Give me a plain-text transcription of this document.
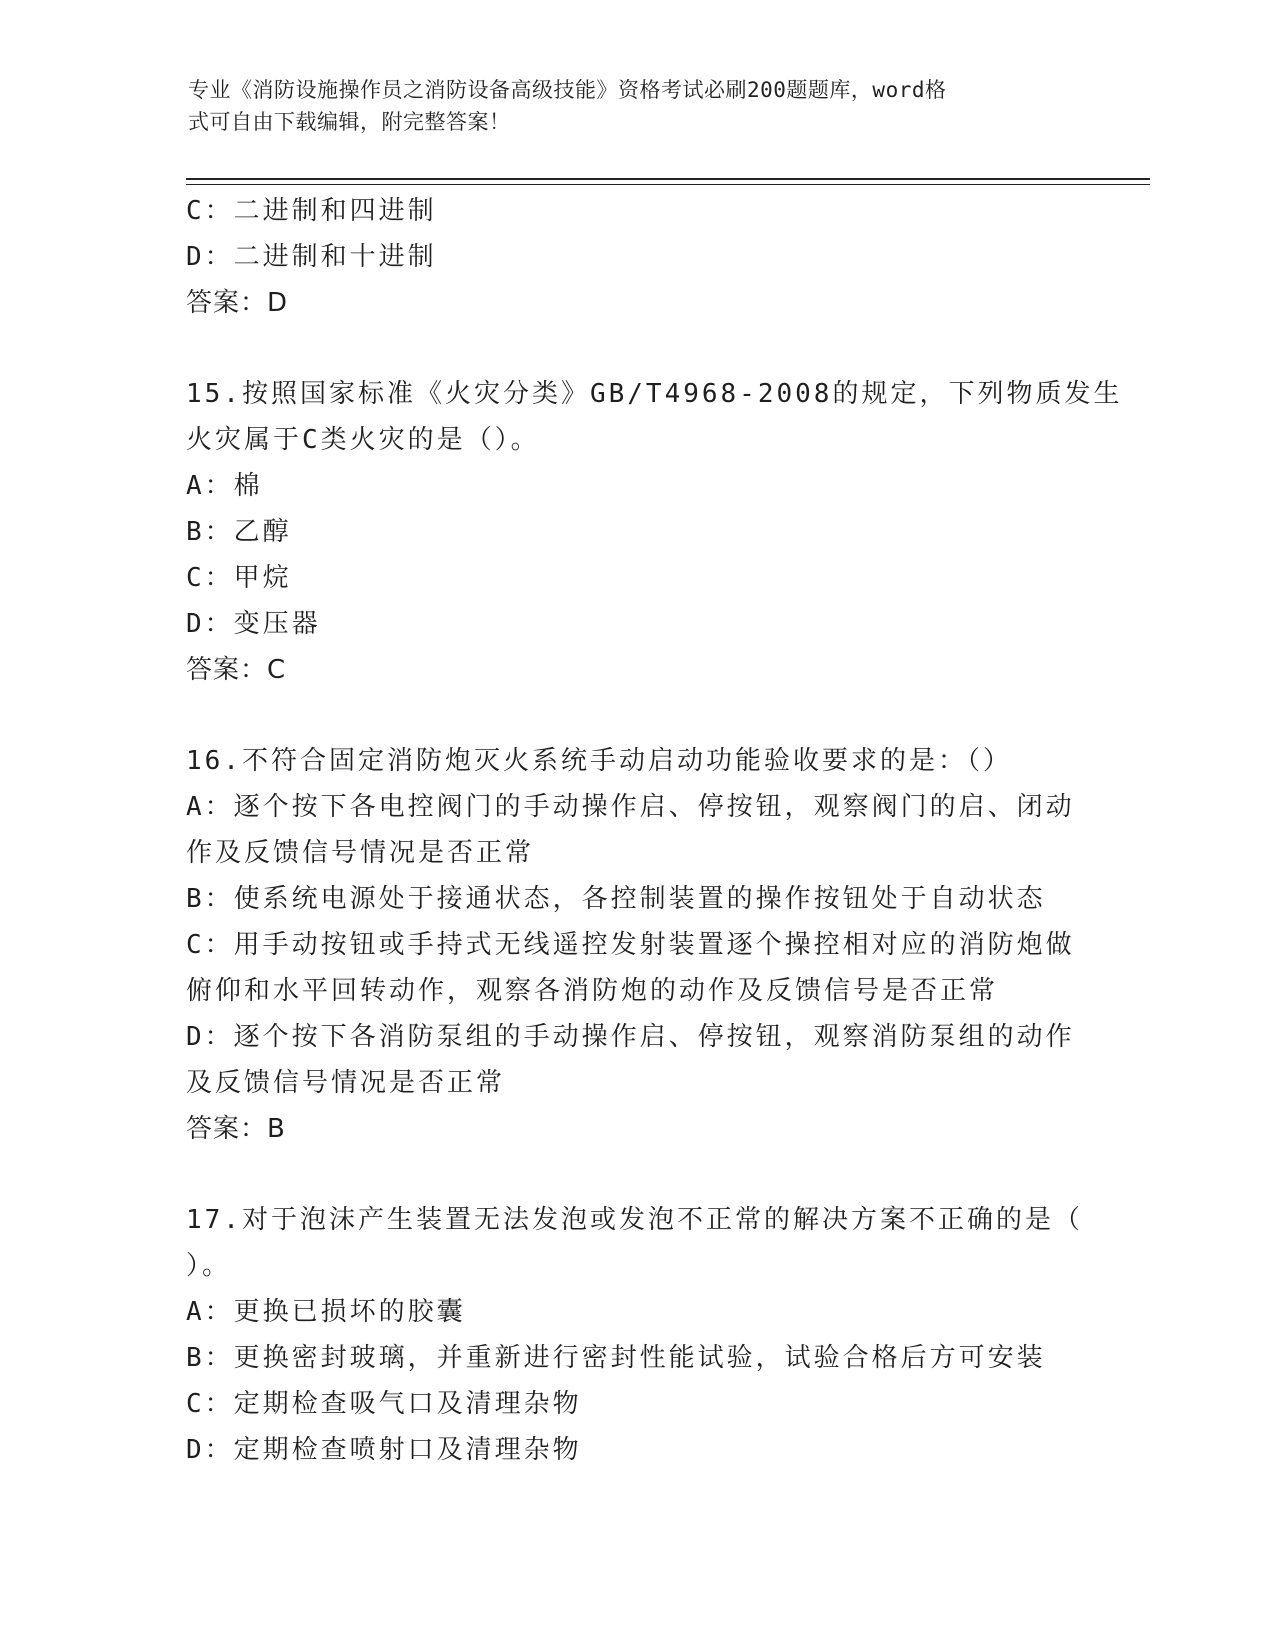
专业《消防设施操作员之消防设备高级技能》资格考试必刷200题题库，word格
式可自由下载编辑，附完整答案！
C：二进制和四进制
D：二进制和十进制
答案：D
15.按照国家标准《火灾分类》GB/T4968-2008的规定，下列物质发生
火灾属于C类火灾的是（）。
A：棉
B：乙醇
C：甲烷
D：变压器
答案：C
16.不符合固定消防炮灭火系统手动启动功能验收要求的是：（）
A：逐个按下各电控阀门的手动操作启、停按钮，观察阀门的启、闭动
作及反馈信号情况是否正常
B：使系统电源处于接通状态，各控制装置的操作按钮处于自动状态
C：用手动按钮或手持式无线遥控发射装置逐个操控相对应的消防炮做
俯仰和水平回转动作，观察各消防炮的动作及反馈信号是否正常
D：逐个按下各消防泵组的手动操作启、停按钮，观察消防泵组的动作
及反馈信号情况是否正常
答案：B
17.对于泡沫产生装置无法发泡或发泡不正常的解决方案不正确的是（
）。
A：更换已损坏的胶囊
B：更换密封玻璃，并重新进行密封性能试验，试验合格后方可安装
C：定期检查吸气口及清理杂物
D：定期检查喷射口及清理杂物
